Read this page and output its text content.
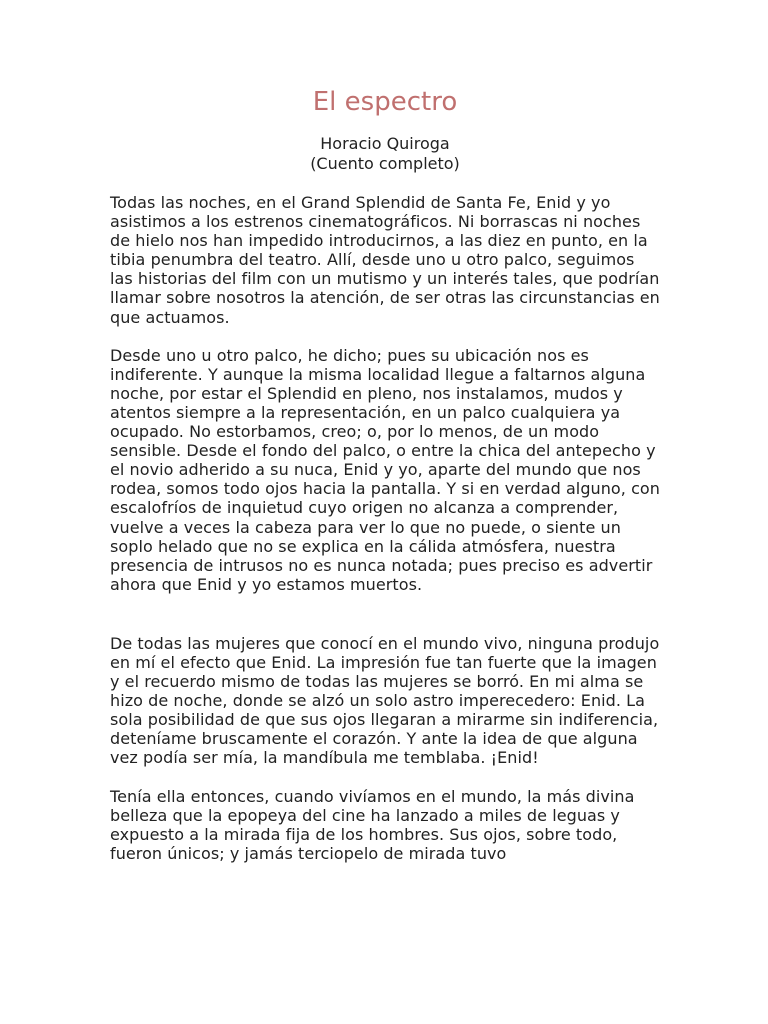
El espectro
Horacio Quiroga
(Cuento completo)

Todas las noches, en el Grand Splendid de Santa Fe, Enid y yo asistimos a los estrenos cinematográficos. Ni borrascas ni noches de hielo nos han impedido introducirnos, a las diez en punto, en la tibia penumbra del teatro. Allí, desde uno u otro palco, seguimos las historias del film con un mutismo y un interés tales, que podrían llamar sobre nosotros la atención, de ser otras las circunstancias en que actuamos.

Desde uno u otro palco, he dicho; pues su ubicación nos es indiferente. Y aunque la misma localidad llegue a faltarnos alguna noche, por estar el Splendid en pleno, nos instalamos, mudos y atentos siempre a la representación, en un palco cualquiera ya ocupado. No estorbamos, creo; o, por lo menos, de un modo sensible. Desde el fondo del palco, o entre la chica del antepecho y el novio adherido a su nuca, Enid y yo, aparte del mundo que nos rodea, somos todo ojos hacia la pantalla. Y si en verdad alguno, con escalofríos de inquietud cuyo origen no alcanza a comprender, vuelve a veces la cabeza para ver lo que no puede, o siente un soplo helado que no se explica en la cálida atmósfera, nuestra presencia de intrusos no es nunca notada; pues preciso es advertir ahora que Enid y yo estamos muertos.

De todas las mujeres que conocí en el mundo vivo, ninguna produjo en mí el efecto que Enid. La impresión fue tan fuerte que la imagen y el recuerdo mismo de todas las mujeres se borró. En mi alma se hizo de noche, donde se alzó un solo astro imperecedero: Enid. La sola posibilidad de que sus ojos llegaran a mirarme sin indiferencia, deteníame bruscamente el corazón. Y ante la idea de que alguna vez podía ser mía, la mandíbula me temblaba. ¡Enid!

Tenía ella entonces, cuando vivíamos en el mundo, la más divina belleza que la epopeya del cine ha lanzado a miles de leguas y expuesto a la mirada fija de los hombres. Sus ojos, sobre todo, fueron únicos; y jamás terciopelo de mirada tuvo
